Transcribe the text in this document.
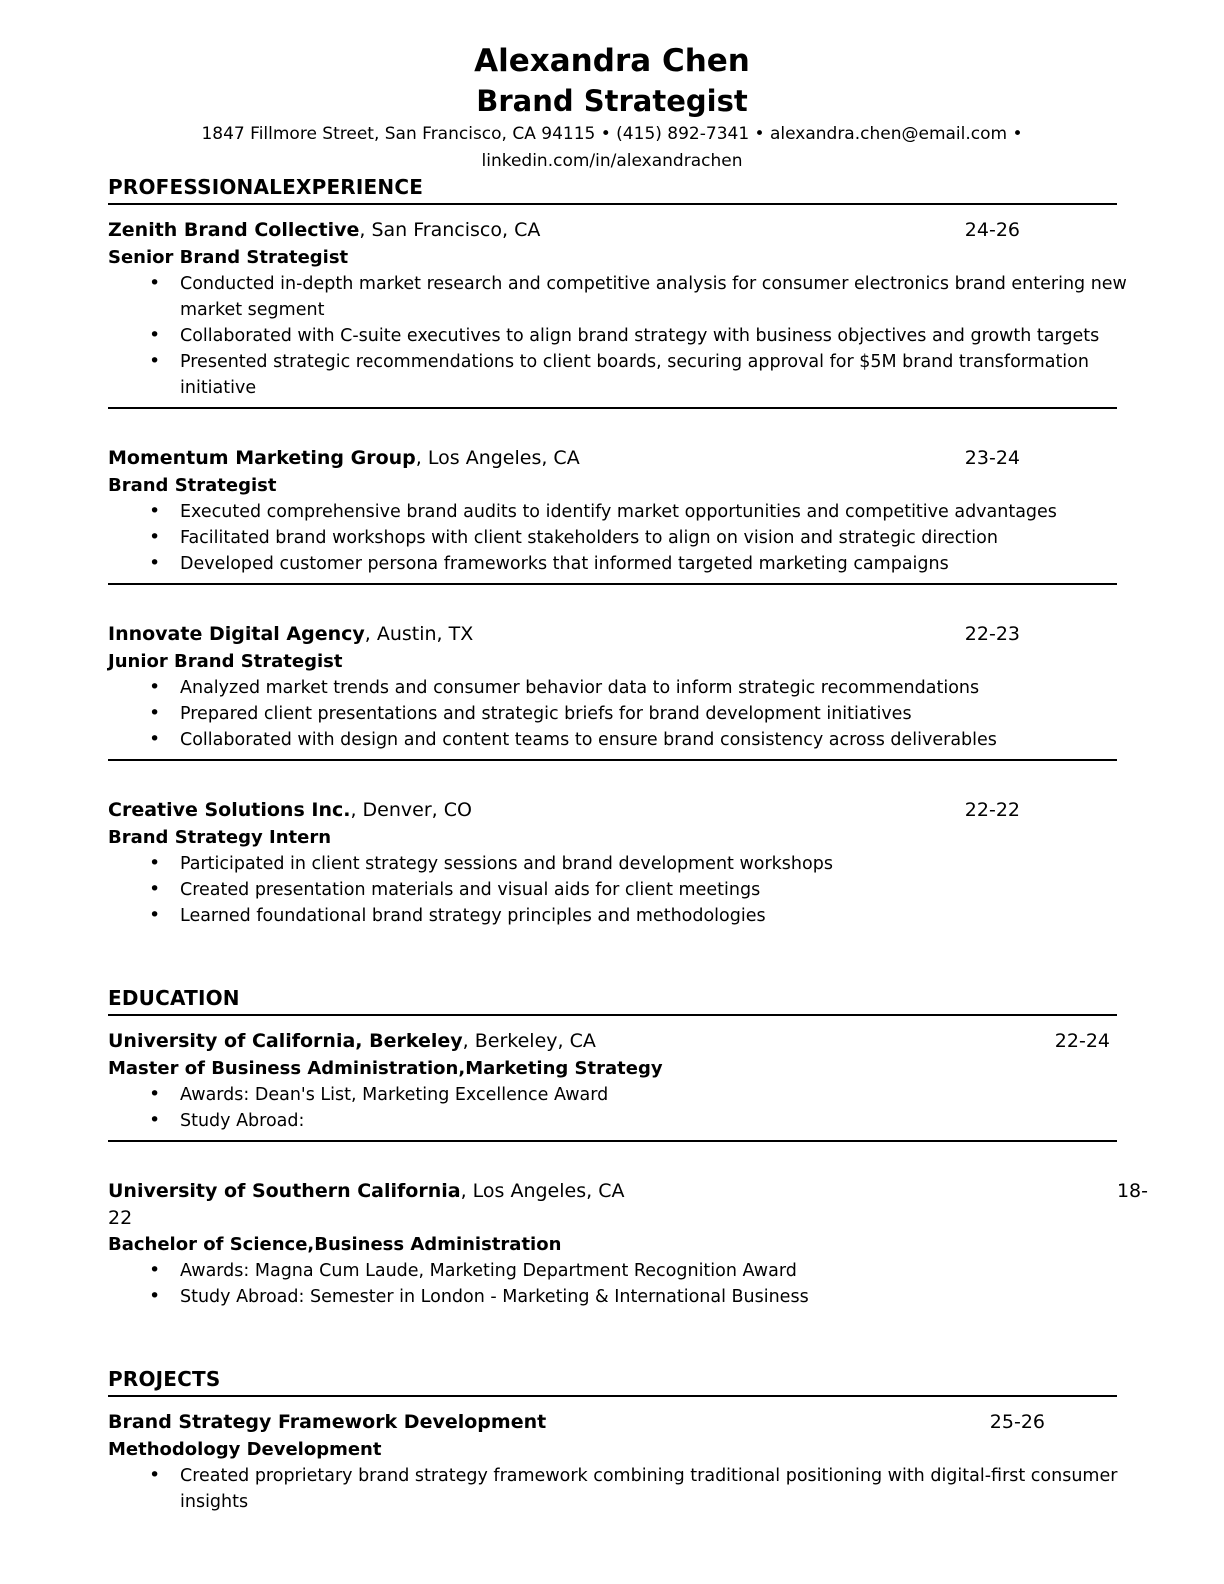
Alexandra Chen
Brand Strategist

1847 Fillmore Street, San Francisco, CA 94115 • (415) 892-7341 • alexandra.chen@email.com •

linkedin.com/in/alexandrachen

PROFESSIONALEXPERIENCE
Zenith Brand Collective , San Francisco, CA	24-26
Senior Brand Strategist
• Conducted in-depth market research and competitive analysis for consumer electronics brand entering new market segment
• Collaborated with C-suite executives to align brand strategy with business objectives and growth targets
• Presented strategic recommendations to client boards, securing approval for $5M brand transformation initiative
Momentum Marketing Group , Los Angeles, CA	23-24
Brand Strategist
• Executed comprehensive brand audits to identify market opportunities and competitive advantages
• Facilitated brand workshops with client stakeholders to align on vision and strategic direction
• Developed customer persona frameworks that informed targeted marketing campaigns
Innovate Digital Agency , Austin, TX	22-23
Junior Brand Strategist
• Analyzed market trends and consumer behavior data to inform strategic recommendations
• Prepared client presentations and strategic briefs for brand development initiatives
• Collaborated with design and content teams to ensure brand consistency across deliverables
Creative Solutions Inc. , Denver, CO	22-22
Brand Strategy Intern
• Participated in client strategy sessions and brand development workshops
• Created presentation materials and visual aids for client meetings
• Learned foundational brand strategy principles and methodologies
EDUCATION
University of California, Berkeley , Berkeley, CA	22-24
Master of Business Administration,Marketing Strategy
• Awards: Dean's List, Marketing Excellence Award
• Study Abroad:
University of Southern California , Los Angeles, CA	18-
22
Bachelor of Science,Business Administration
• Awards: Magna Cum Laude, Marketing Department Recognition Award
• Study Abroad: Semester in London - Marketing & International Business
PROJECTS
Brand Strategy Framework Development	25-26
Methodology Development
• Created proprietary brand strategy framework combining traditional positioning with digital-first consumer insights
